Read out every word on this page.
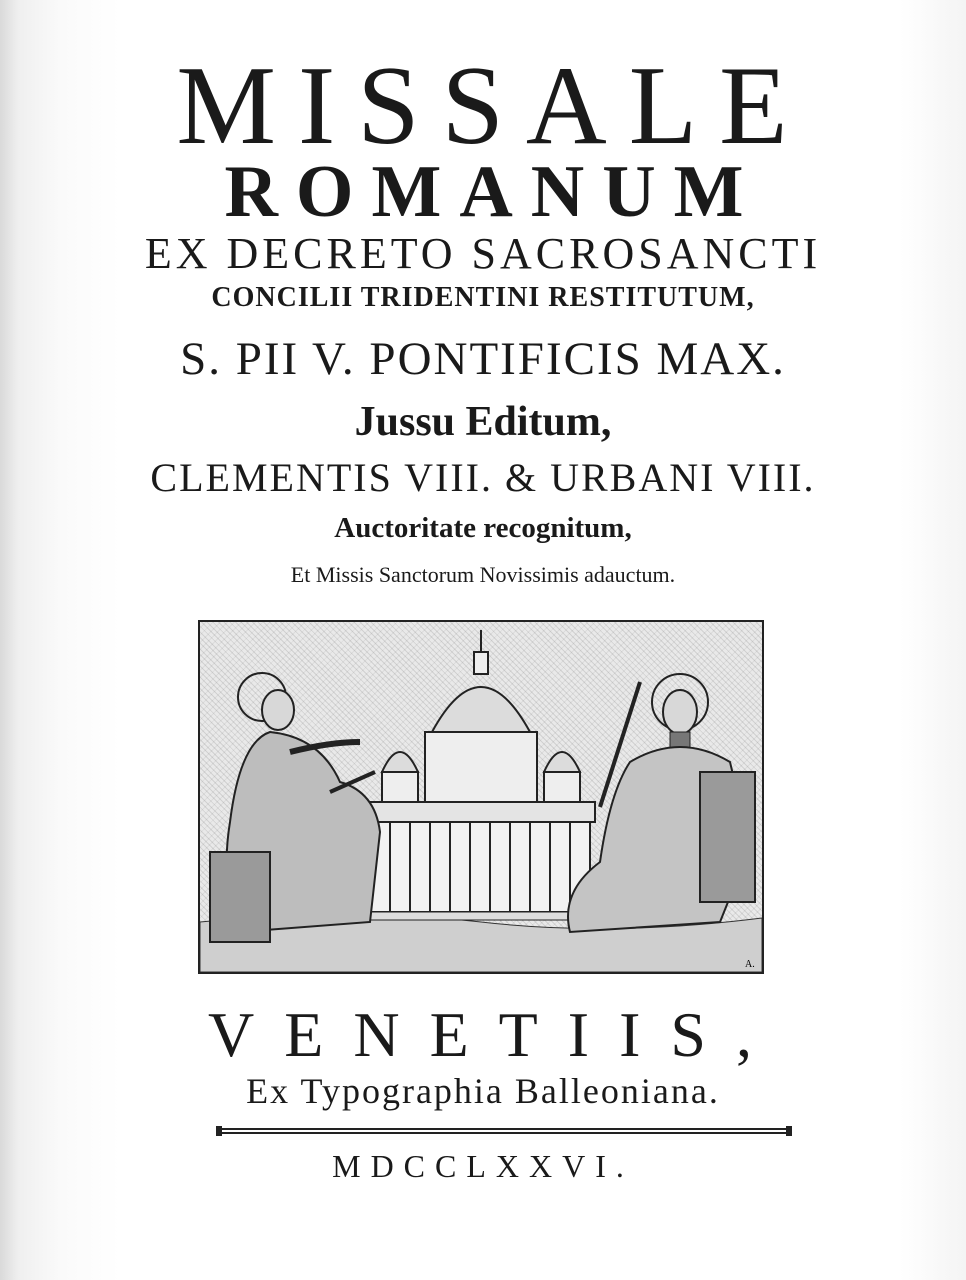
MISSALE
ROMANUM
EX DECRETO SACROSANCTI
CONCILII TRIDENTINI RESTITUTUM,
S. PII V. PONTIFICIS MAX.
Jussu Editum,
CLEMENTIS VIII. & URBANI VIII.
Auctoritate recognitum,
Et Missis Sanctorum Novissimis adauctum.
A.
VENETIIS,
Ex Typographia Balleoniana.
MDCCLXXVI.
